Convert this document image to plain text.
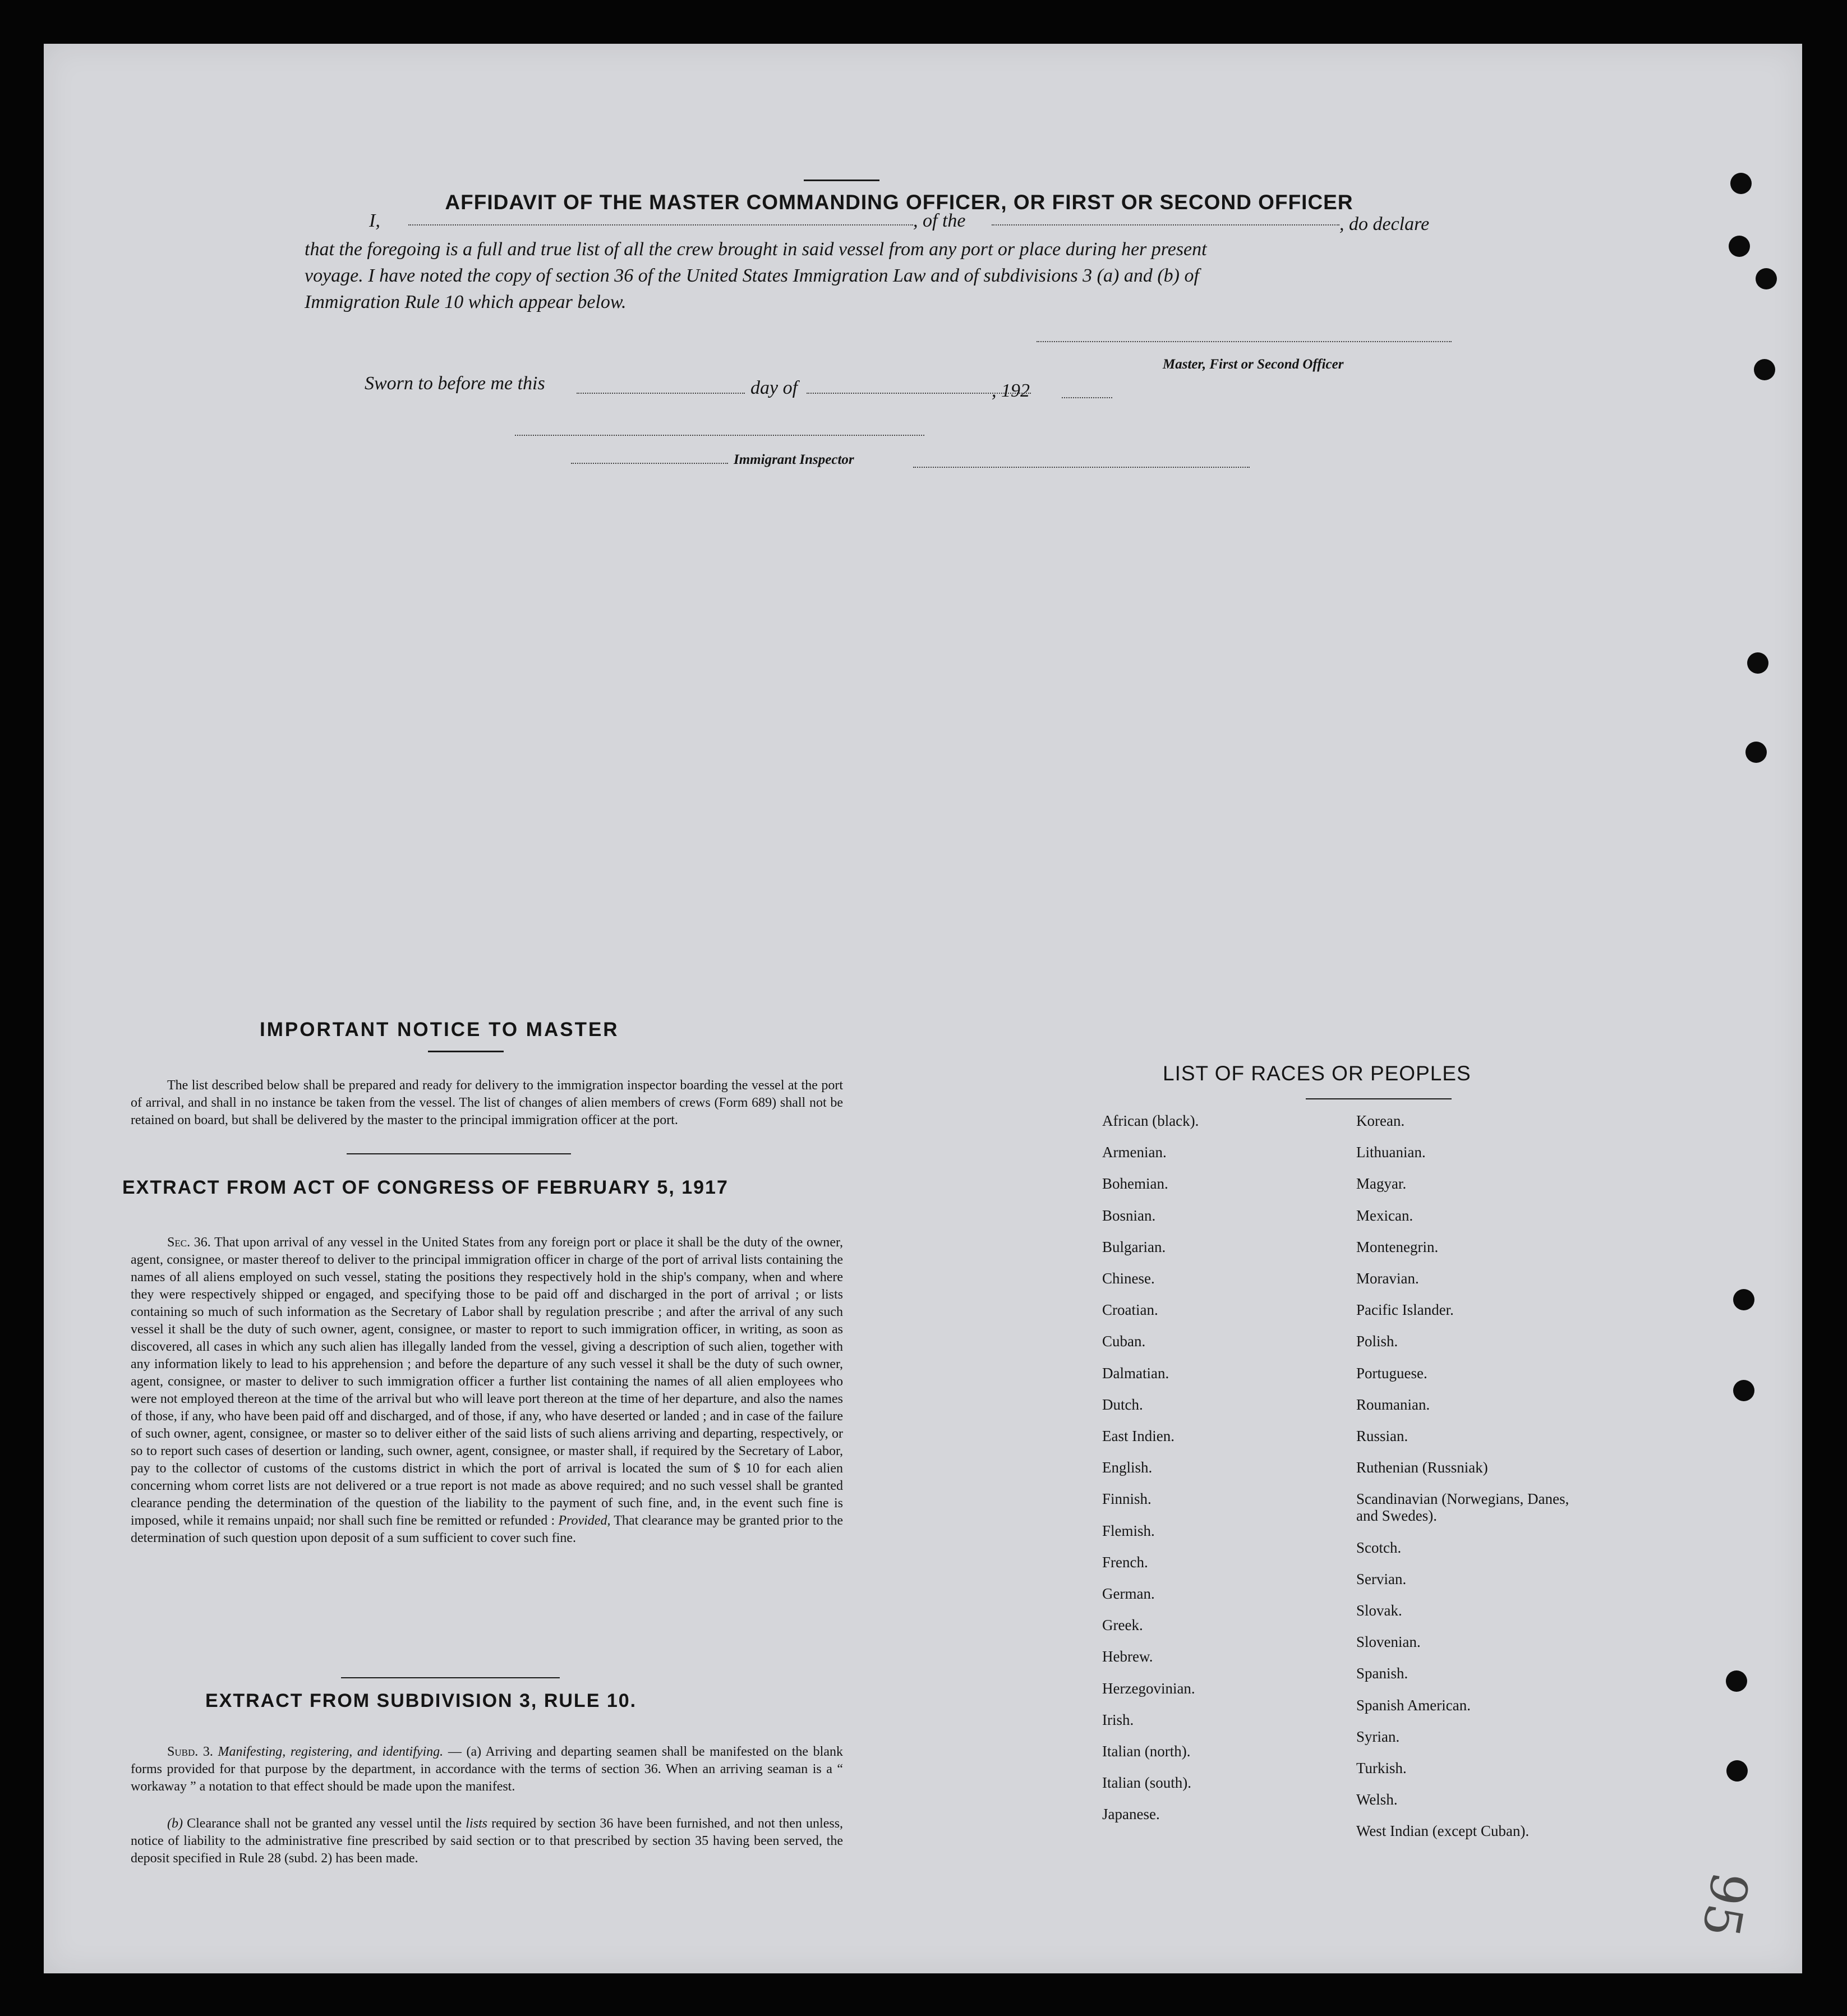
AFFIDAVIT OF THE MASTER COMMANDING OFFICER, OR FIRST OR SECOND OFFICER
I,	, of the	, do declare
that the foregoing is a full and true list of all the crew brought in said vessel from any port or place during her present
voyage. I have noted the copy of section 36 of the United States Immigration Law and of subdivisions 3 (a) and (b) of
Immigration Rule 10 which appear below.
Master, First or Second Officer
Sworn to before me this	day of	, 192
Immigrant Inspector
IMPORTANT NOTICE TO MASTER
The list described below shall be prepared and ready for delivery to the immigration inspector boarding the vessel at the port of arrival, and shall in no instance be taken from the vessel. The list of changes of alien members of crews (Form 689) shall not be retained on board, but shall be delivered by the master to the principal immigration officer at the port.
EXTRACT FROM ACT OF CONGRESS OF FEBRUARY 5, 1917
Sec. 36. That upon arrival of any vessel in the United States from any foreign port or place it shall be the duty of the owner, agent, consignee, or master thereof to deliver to the principal immigration officer in charge of the port of arrival lists containing the names of all aliens employed on such vessel, stating the positions they respectively hold in the ship's company, when and where they were respectively shipped or engaged, and specifying those to be paid off and discharged in the port of arrival ; or lists containing so much of such information as the Secretary of Labor shall by regulation prescribe ; and after the arrival of any such vessel it shall be the duty of such owner, agent, consignee, or master to report to such immigration officer, in writing, as soon as discovered, all cases in which any such alien has illegally landed from the vessel, giving a description of such alien, together with any information likely to lead to his apprehension ; and before the departure of any such vessel it shall be the duty of such owner, agent, consignee, or master to deliver to such immigration officer a further list containing the names of all alien employees who were not employed thereon at the time of the arrival but who will leave port thereon at the time of her departure, and also the names of those, if any, who have been paid off and discharged, and of those, if any, who have deserted or landed ; and in case of the failure of such owner, agent, consignee, or master so to deliver either of the said lists of such aliens arriving and departing, respectively, or so to report such cases of desertion or landing, such owner, agent, consignee, or master shall, if required by the Secretary of Labor, pay to the collector of customs of the customs district in which the port of arrival is located the sum of $ 10 for each alien concerning whom corret lists are not delivered or a true report is not made as above required; and no such vessel shall be granted clearance pending the determination of the question of the liability to the payment of such fine, and, in the event such fine is imposed, while it remains unpaid; nor shall such fine be remitted or refunded : Provided, That clearance may be granted prior to the determination of such question upon deposit of a sum sufficient to cover such fine.
EXTRACT FROM SUBDIVISION 3, RULE 10.
Subd. 3. Manifesting, registering, and identifying. — (a) Arriving and departing seamen shall be manifested on the blank forms provided for that purpose by the department, in accordance with the terms of section 36. When an arriving seaman is a “ workaway ” a notation to that effect should be made upon the manifest.
(b) Clearance shall not be granted any vessel until the lists required by section 36 have been furnished, and not then unless, notice of liability to the administrative fine prescribed by said section or to that prescribed by section 35 having been served, the deposit specified in Rule 28 (subd. 2) has been made.
LIST OF RACES OR PEOPLES
African (black).
Armenian.
Bohemian.
Bosnian.
Bulgarian.
Chinese.
Croatian.
Cuban.
Dalmatian.
Dutch.
East Indien.
English.
Finnish.
Flemish.
French.
German.
Greek.
Hebrew.
Herzegovinian.
Irish.
Italian (north).
Italian (south).
Japanese.
Korean.
Lithuanian.
Magyar.
Mexican.
Montenegrin.
Moravian.
Pacific Islander.
Polish.
Portuguese.
Roumanian.
Russian.
Ruthenian (Russniak)
Scandinavian (Norwegians, Danes, and Swedes).
Scotch.
Servian.
Slovak.
Slovenian.
Spanish.
Spanish American.
Syrian.
Turkish.
Welsh.
West Indian (except Cuban).
95
